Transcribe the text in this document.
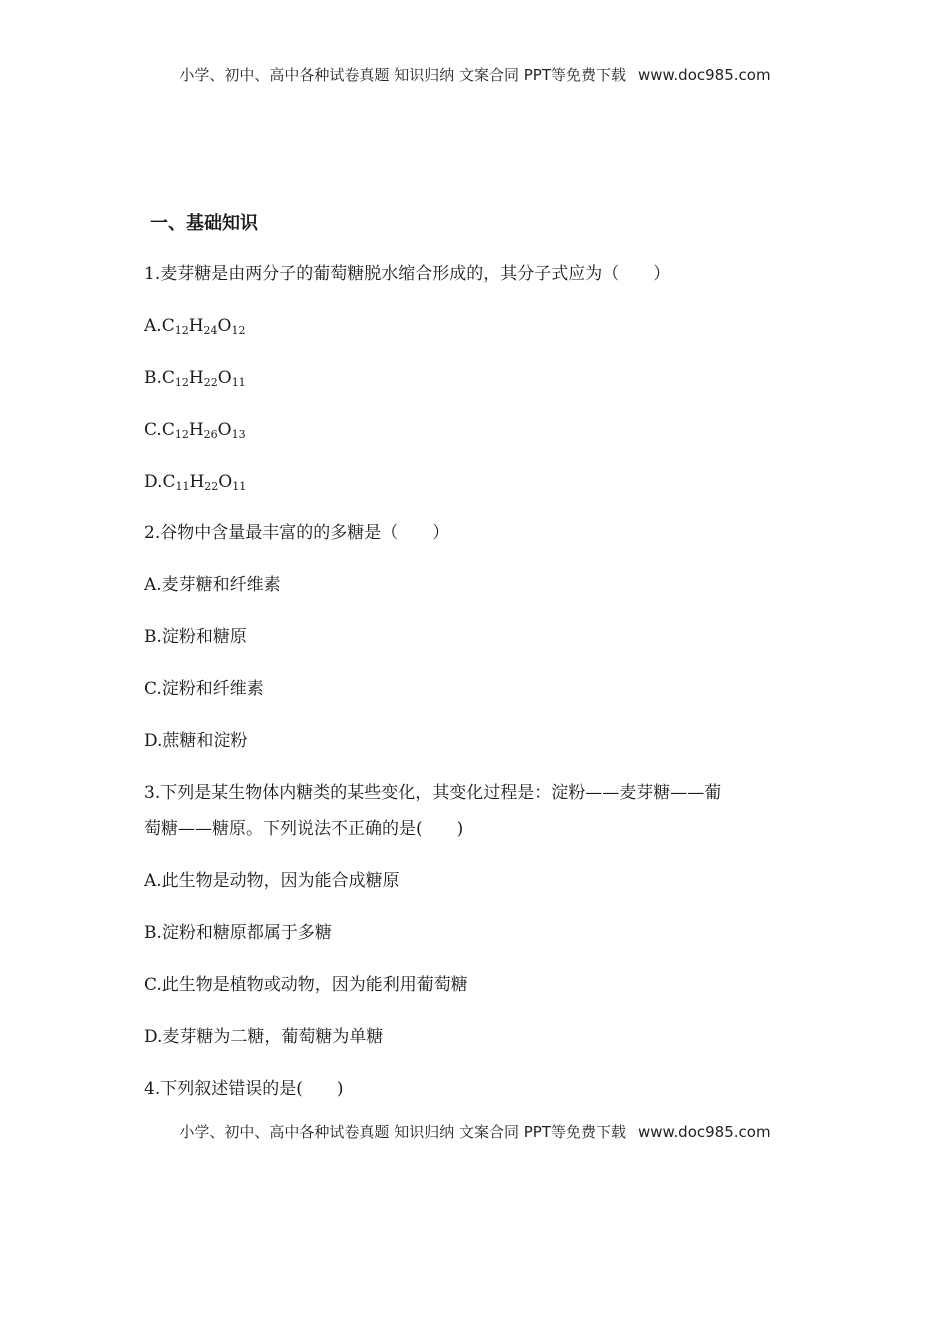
小学、初中、高中各种试卷真题 知识归纳 文案合同 PPT等免费下载 www.doc985.com
一、基础知识
1.麦芽糖是由两分子的葡萄糖脱水缩合形成的，其分子式应为（　　）
$A.C_{12}H_{24}O_{12}$
$B.C_{12}H_{22}O_{11}$
$C.C_{12}H_{26}O_{13}$
$D.C_{11}H_{22}O_{11}$
2.谷物中含量最丰富的的多糖是（　　）
A.麦芽糖和纤维素
B.淀粉和糖原
C.淀粉和纤维素
D.蔗糖和淀粉
3.下列是某生物体内糖类的某些变化，其变化过程是：淀粉——麦芽糖——葡
萄糖——糖原。下列说法不正确的是(　　)
A.此生物是动物，因为能合成糖原
B.淀粉和糖原都属于多糖
C.此生物是植物或动物，因为能利用葡萄糖
D.麦芽糖为二糖，葡萄糖为单糖
4.下列叙述错误的是(　　)
小学、初中、高中各种试卷真题 知识归纳 文案合同 PPT等免费下载 www.doc985.com
